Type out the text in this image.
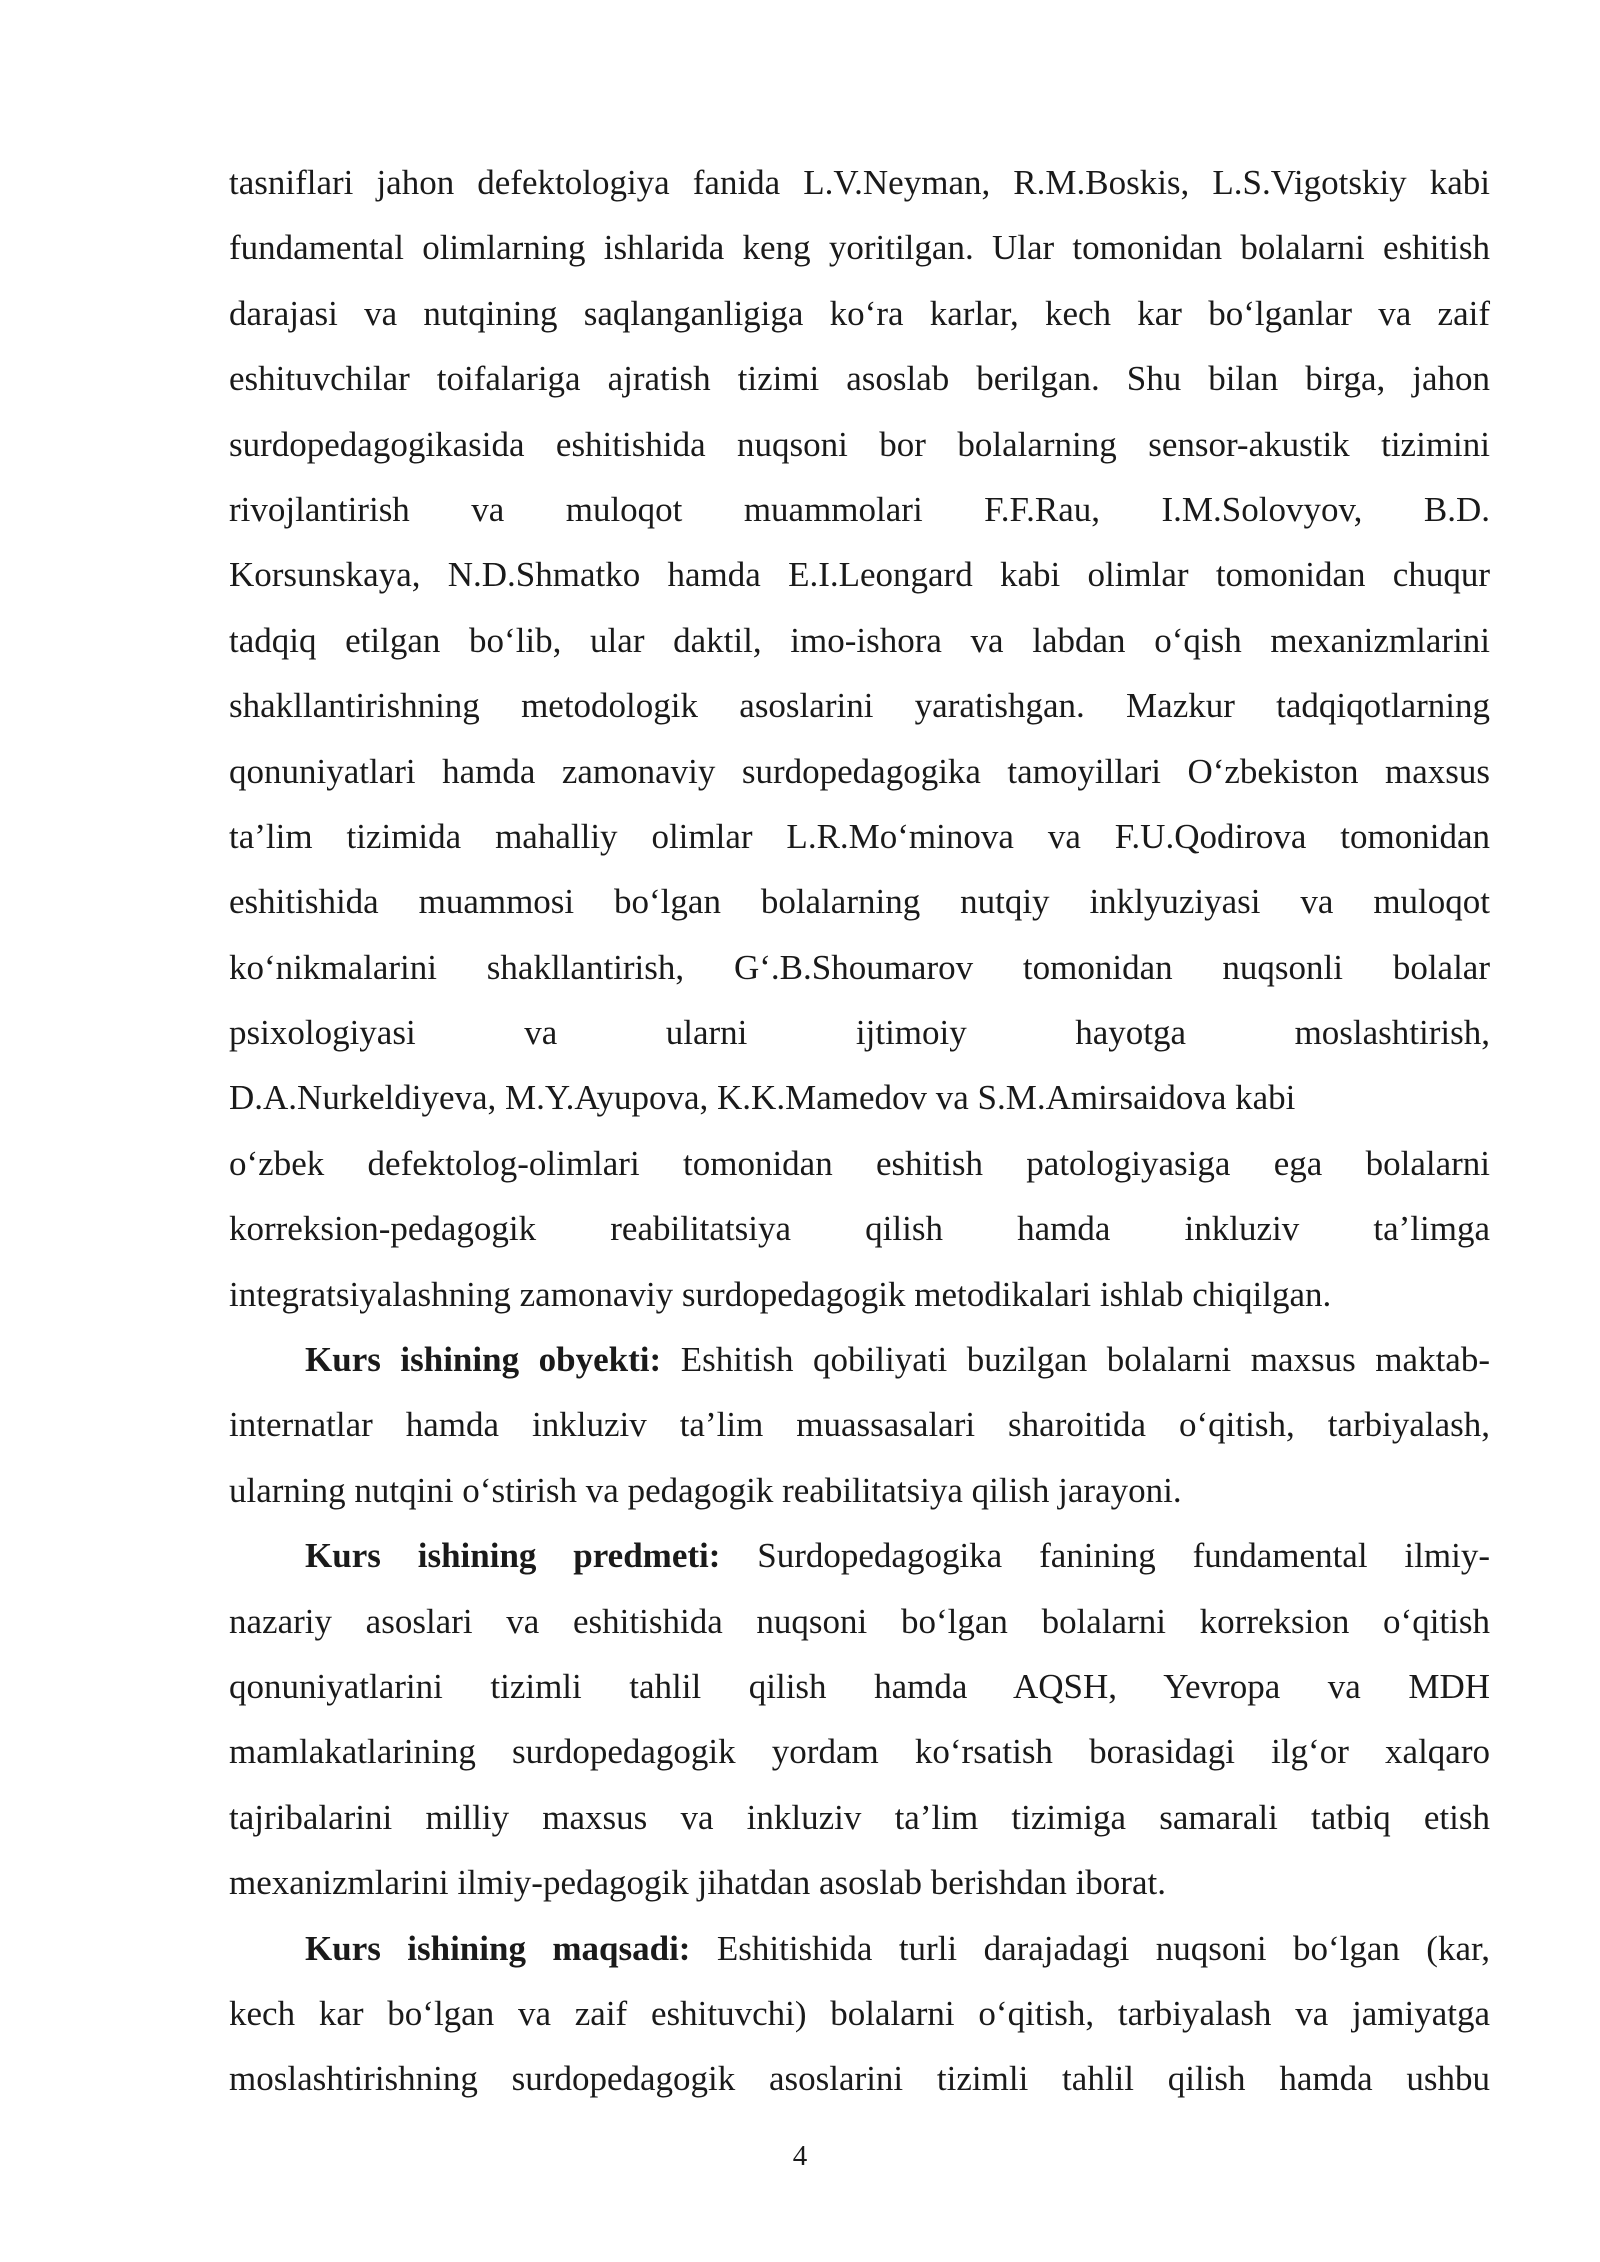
tasniflari jahon defektologiya fanida L.V.Neyman, R.M.Boskis, L.S.Vigotskiy kabi
fundamental olimlarning ishlarida keng yoritilgan. Ular tomonidan bolalarni eshitish
darajasi va nutqining saqlanganligiga koʻra karlar, kech kar boʻlganlar va zaif
eshituvchilar toifalariga ajratish tizimi asoslab berilgan. Shu bilan birga, jahon
surdopedagogikasida eshitishida nuqsoni bor bolalarning sensor-akustik tizimini
rivojlantirish va muloqot muammolari F.F.Rau, I.M.Solovyov, B.D.
Korsunskaya, N.D.Shmatko hamda E.I.Leongard kabi olimlar tomonidan chuqur
tadqiq etilgan boʻlib, ular daktil, imo-ishora va labdan oʻqish mexanizmlarini
shakllantirishning metodologik asoslarini yaratishgan. Mazkur tadqiqotlarning
qonuniyatlari hamda zamonaviy surdopedagogika tamoyillari Oʻzbekiston maxsus
ta’lim tizimida mahalliy olimlar L.R.Moʻminova va F.U.Qodirova tomonidan
eshitishida muammosi boʻlgan bolalarning nutqiy inklyuziyasi va muloqot
koʻnikmalarini shakllantirish, Gʻ.B.Shoumarov tomonidan nuqsonli bolalar
psixologiyasi va ularni ijtimoiy hayotga moslashtirish,
D.A.Nurkeldiyeva, M.Y.Ayupova, K.K.Mamedov va S.M.Amirsaidova kabi
oʻzbek defektolog-olimlari tomonidan eshitish patologiyasiga ega bolalarni
korreksion-pedagogik reabilitatsiya qilish hamda inkluziv ta’limga
integratsiyalashning zamonaviy surdopedagogik metodikalari ishlab chiqilgan.
Kurs ishining obyekti: Eshitish qobiliyati buzilgan bolalarni maxsus maktab-
internatlar hamda inkluziv ta’lim muassasalari sharoitida oʻqitish, tarbiyalash,
ularning nutqini oʻstirish va pedagogik reabilitatsiya qilish jarayoni.
Kurs ishining predmeti: Surdopedagogika fanining fundamental ilmiy-
nazariy asoslari va eshitishida nuqsoni boʻlgan bolalarni korreksion oʻqitish
qonuniyatlarini tizimli tahlil qilish hamda AQSH, Yevropa va MDH
mamlakatlarining surdopedagogik yordam koʻrsatish borasidagi ilgʻor xalqaro
tajribalarini milliy maxsus va inkluziv ta’lim tizimiga samarali tatbiq etish
mexanizmlarini ilmiy-pedagogik jihatdan asoslab berishdan iborat.
Kurs ishining maqsadi: Eshitishida turli darajadagi nuqsoni boʻlgan (kar,
kech kar boʻlgan va zaif eshituvchi) bolalarni oʻqitish, tarbiyalash va jamiyatga
moslashtirishning surdopedagogik asoslarini tizimli tahlil qilish hamda ushbu
4
